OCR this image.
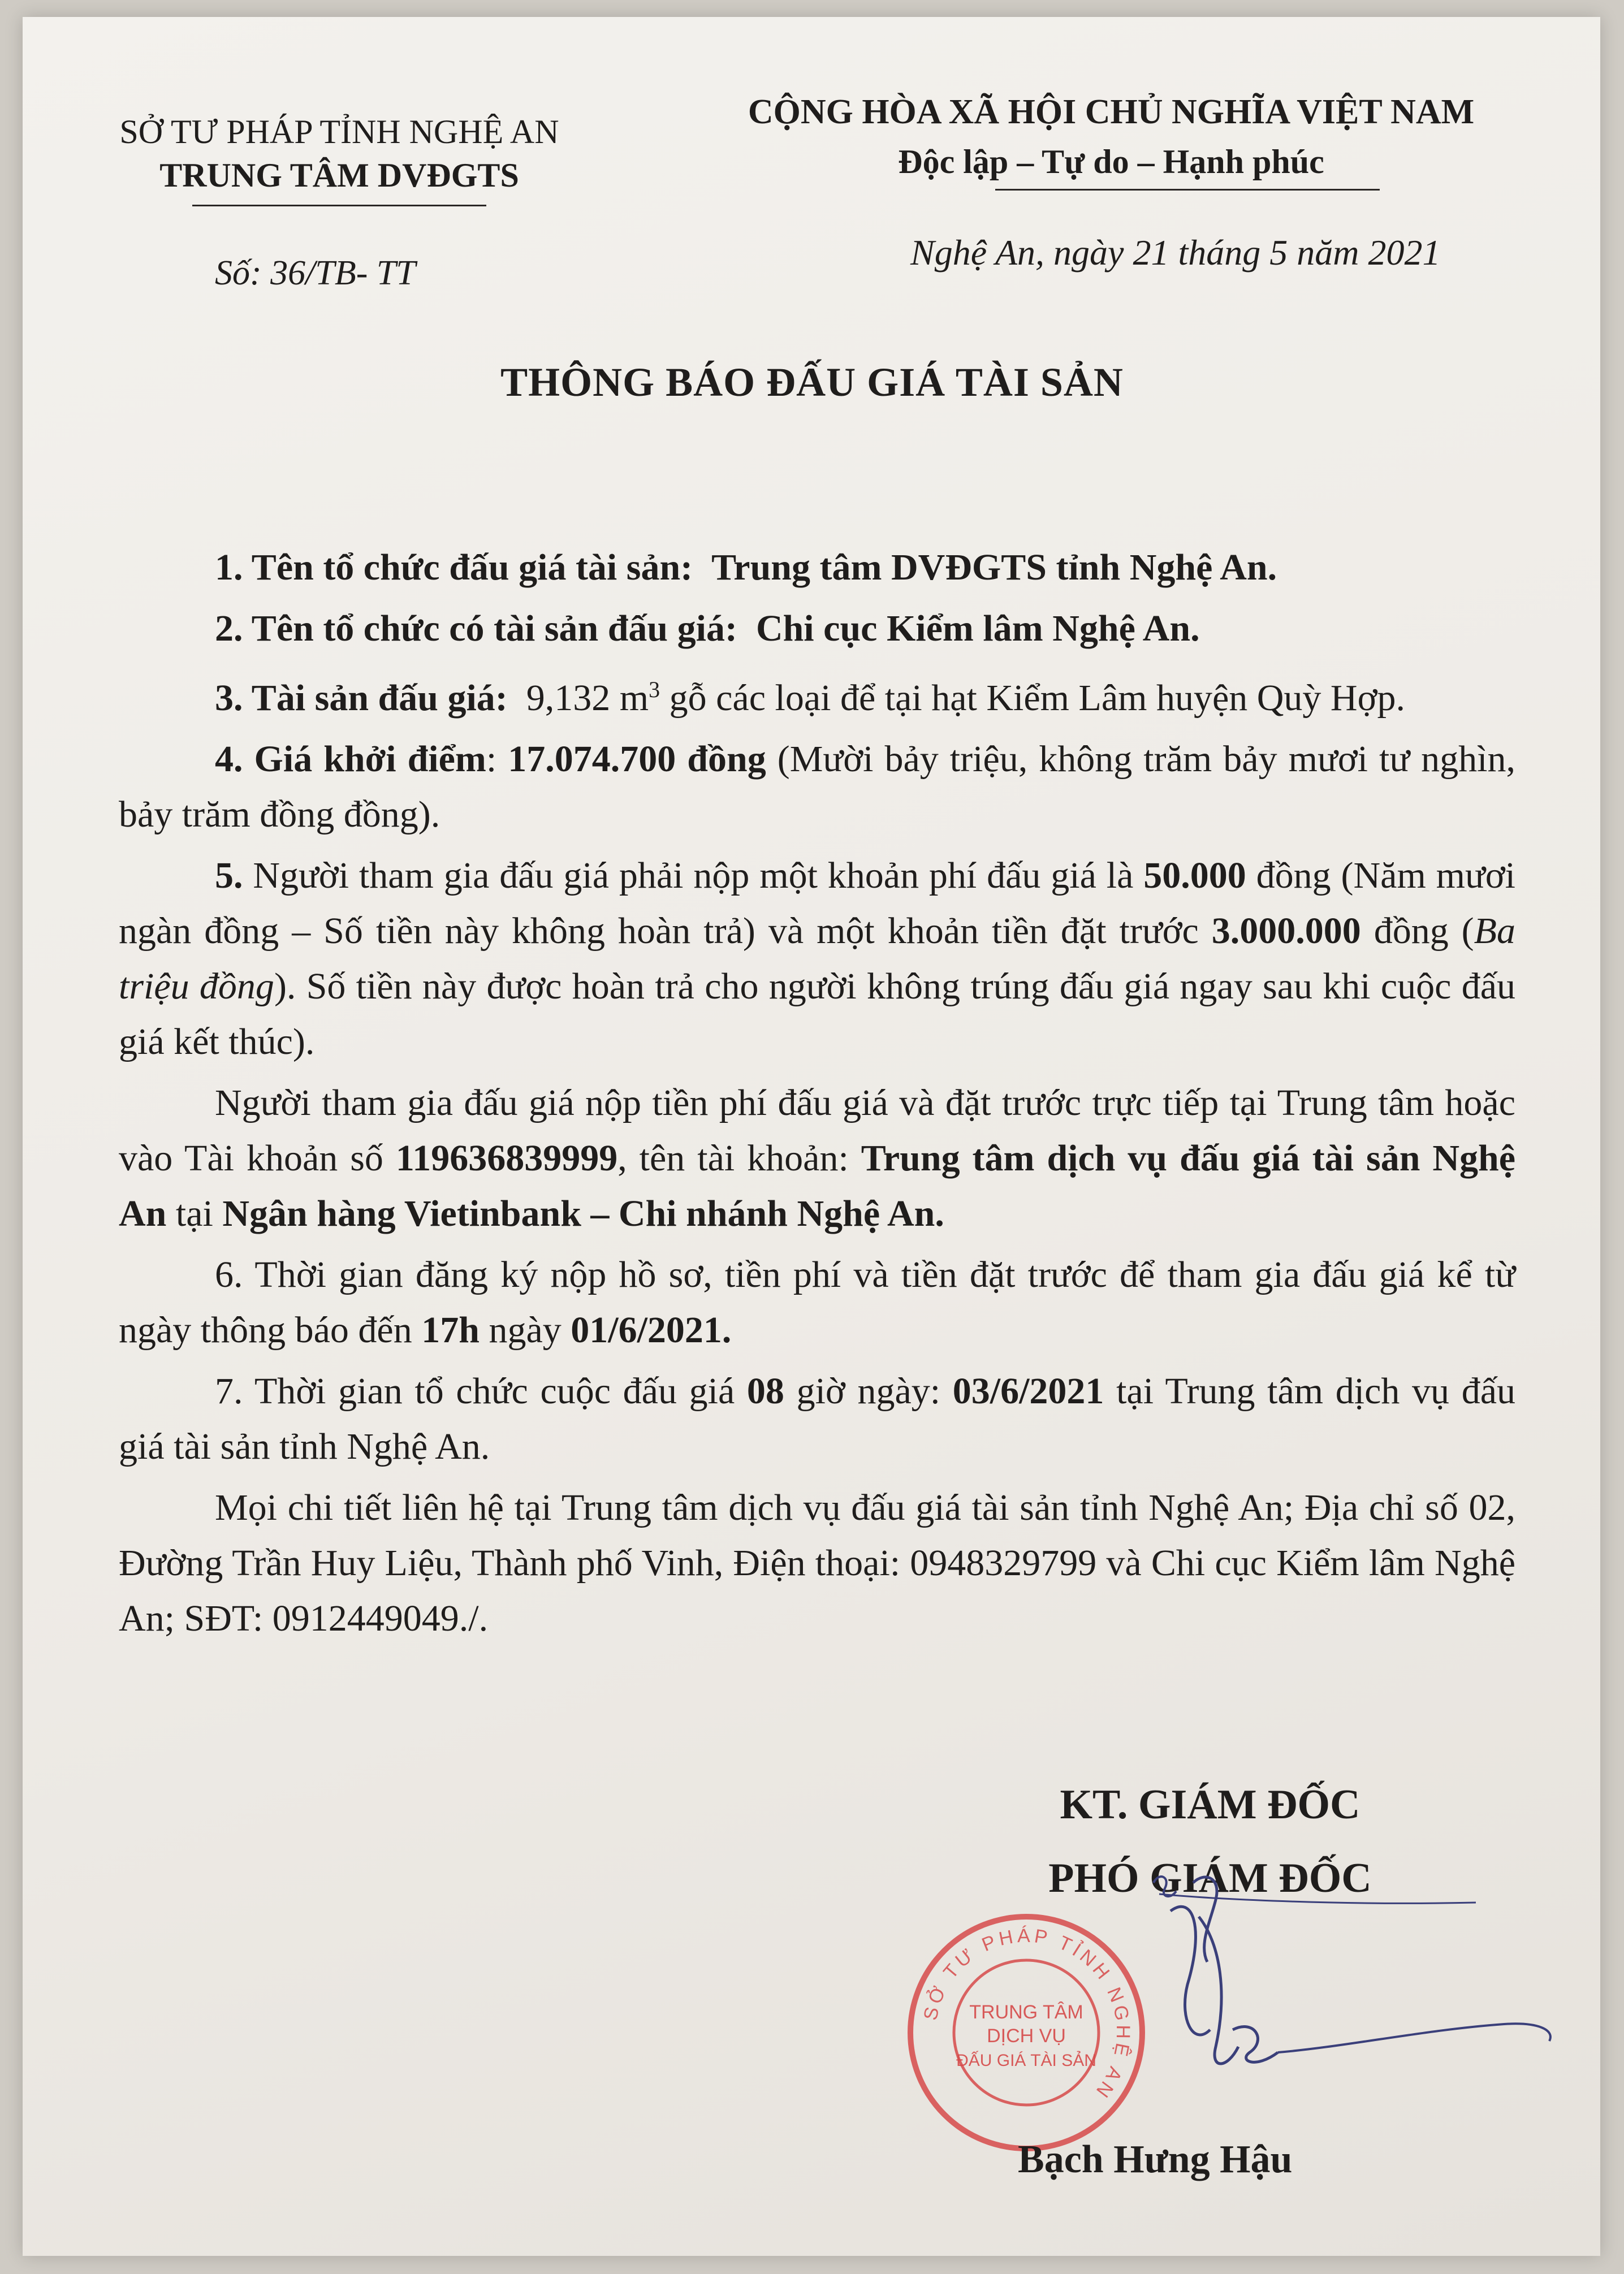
SỞ TƯ PHÁP TỈNH NGHỆ AN
TRUNG TÂM DVĐGTS
Số: 36/TB- TT
CỘNG HÒA XÃ HỘI CHỦ NGHĨA VIỆT NAM
Độc lập – Tự do – Hạnh phúc
Nghệ An, ngày 21 tháng 5 năm 2021
THÔNG BÁO ĐẤU GIÁ TÀI SẢN

1. Tên tổ chức đấu giá tài sản: Trung tâm DVĐGTS tỉnh Nghệ An.

2. Tên tổ chức có tài sản đấu giá: Chi cục Kiểm lâm Nghệ An.

3. Tài sản đấu giá: 9,132 $m^3$ gỗ các loại để tại hạt Kiểm Lâm huyện Quỳ Hợp.

4. Giá khởi điểm: 17.074.700 đồng (Mười bảy triệu, không trăm bảy mươi tư nghìn, bảy trăm đồng đồng).

5. Người tham gia đấu giá phải nộp một khoản phí đấu giá là 50.000 đồng (Năm mươi ngàn đồng – Số tiền này không hoàn trả) và một khoản tiền đặt trước 3.000.000 đồng (Ba triệu đồng). Số tiền này được hoàn trả cho người không trúng đấu giá ngay sau khi cuộc đấu giá kết thúc).

Người tham gia đấu giá nộp tiền phí đấu giá và đặt trước trực tiếp tại Trung tâm hoặc vào Tài khoản số 119636839999, tên tài khoản: Trung tâm dịch vụ đấu giá tài sản Nghệ An tại Ngân hàng Vietinbank – Chi nhánh Nghệ An.

6. Thời gian đăng ký nộp hồ sơ, tiền phí và tiền đặt trước để tham gia đấu giá kể từ ngày thông báo đến 17h ngày 01/6/2021.

7. Thời gian tổ chức cuộc đấu giá 08 giờ ngày: 03/6/2021 tại Trung tâm dịch vụ đấu giá tài sản tỉnh Nghệ An.

Mọi chi tiết liên hệ tại Trung tâm dịch vụ đấu giá tài sản tỉnh Nghệ An; Địa chỉ số 02, Đường Trần Huy Liệu, Thành phố Vinh, Điện thoại: 0948329799 và Chi cục Kiểm lâm Nghệ An; SĐT: 0912449049./.

KT. GIÁM ĐỐC
PHÓ GIÁM ĐỐC
SỞ TƯ PHÁP TỈNH NGHỆ AN
TRUNG TÂM
DỊCH VỤ
ĐẤU GIÁ TÀI SẢN
Bạch Hưng Hậu
